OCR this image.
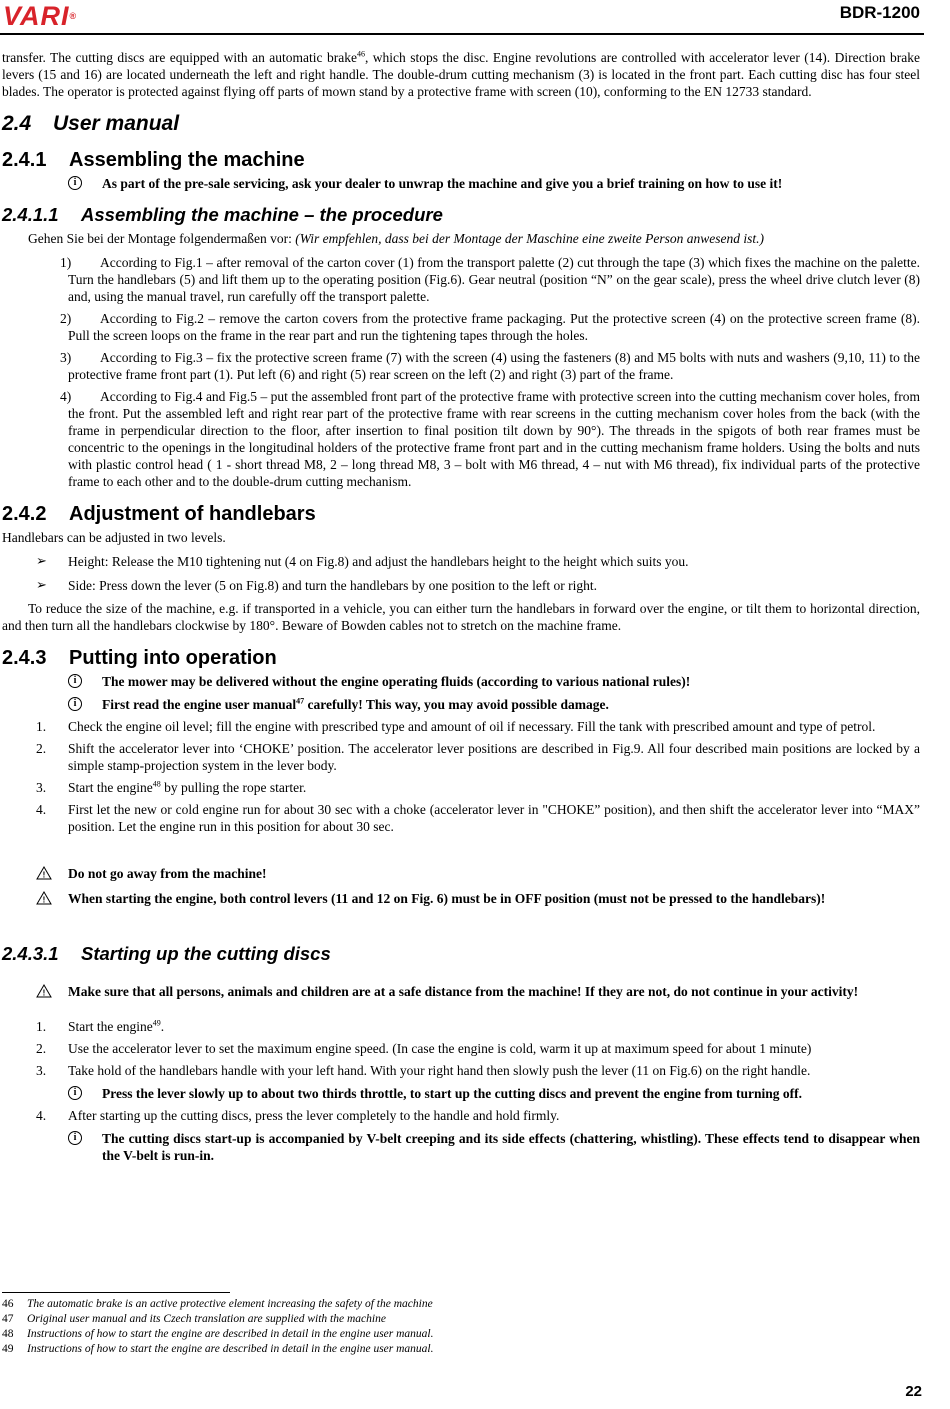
VARI®	BDR-1200

transfer. The cutting discs are equipped with an automatic brake$^{46}$, which stops the disc. Engine revolutions are controlled with accelerator lever (14). Direction brake levers (15 and 16) are located underneath the left and right handle. The double-drum cutting mechanism (3) is located in the front part. Each cutting disc has four steel blades. The operator is protected against flying off parts of mown stand by a protective frame with screen (10), conforming to the EN 12733 standard.

2.4 User manual
2.4.1 Assembling the machine
i	As part of the pre-sale servicing, ask your dealer to unwrap the machine and give you a brief training on how to use it!
2.4.1.1 Assembling the machine – the procedure

Gehen Sie bei der Montage folgendermaßen vor: (Wir empfehlen, dass bei der Montage der Maschine eine zweite Person anwesend ist.)

1) According to Fig.1 – after removal of the carton cover (1) from the transport palette (2) cut through the tape (3) which fixes the machine on the palette. Turn the handlebars (5) and lift them up to the operating position (Fig.6). Gear neutral (position “N” on the gear scale), press the wheel drive clutch lever (8) and, using the manual travel, run carefully off the transport palette.
2) According to Fig.2 – remove the carton covers from the protective frame packaging. Put the protective screen (4) on the protective screen frame (8). Pull the screen loops on the frame in the rear part and run the tightening tapes through the holes.
3) According to Fig.3 – fix the protective screen frame (7) with the screen (4) using the fasteners (8) and M5 bolts with nuts and washers (9,10, 11) to the protective frame front part (1). Put left (6) and right (5) rear screen on the left (2) and right (3) part of the frame.
4) According to Fig.4 and Fig.5 – put the assembled front part of the protective frame with protective screen into the cutting mechanism cover holes, from the front. Put the assembled left and right rear part of the protective frame with rear screens in the cutting mechanism cover holes from the back (with the frame in perpendicular direction to the floor, after insertion to final position tilt down by 90°). The threads in the spigots of both rear frames must be concentric to the openings in the longitudinal holders of the protective frame front part and in the cutting mechanism frame holders. Using the bolts and nuts with plastic control head ( 1 - short thread M8, 2 – long thread M8, 3 – bolt with M6 thread, 4 – nut with M6 thread), fix individual parts of the protective frame to each other and to the double-drum cutting mechanism.
2.4.2 Adjustment of handlebars

Handlebars can be adjusted in two levels.

➢ Height: Release the M10 tightening nut (4 on Fig.8) and adjust the handlebars height to the height which suits you.
➢ Side: Press down the lever (5 on Fig.8) and turn the handlebars by one position to the left or right.

To reduce the size of the machine, e.g. if transported in a vehicle, you can either turn the handlebars in forward over the engine, or tilt them to horizontal direction, and then turn all the handlebars clockwise by 180°. Beware of Bowden cables not to stretch on the machine frame.

2.4.3 Putting into operation
i	The mower may be delivered without the engine operating fluids (according to various national rules)!
i	First read the engine user manual$^{47}$ carefully! This way, you may avoid possible damage.
1. Check the engine oil level; fill the engine with prescribed type and amount of oil if necessary. Fill the tank with prescribed amount and type of petrol.
2. Shift the accelerator lever into ‘CHOKE’ position. The accelerator lever positions are described in Fig.9. All four described main positions are locked by a simple stamp-projection system in the lever body.
3. Start the engine$^{48}$ by pulling the rope starter.
4. First let the new or cold engine run for about 30 sec with a choke (accelerator lever in "CHOKE” position), and then shift the accelerator lever into “MAX” position. Let the engine run in this position for about 30 sec.
! Do not go away from the machine!
! When starting the engine, both control levers (11 and 12 on Fig. 6) must be in OFF position (must not be pressed to the handlebars)!
2.4.3.1 Starting up the cutting discs
! Make sure that all persons, animals and children are at a safe distance from the machine! If they are not, do not continue in your activity!
1. Start the engine$^{49}$.
2. Use the accelerator lever to set the maximum engine speed. (In case the engine is cold, warm it up at maximum speed for about 1 minute)
3. Take hold of the handlebars handle with your left hand. With your right hand then slowly push the lever (11 on Fig.6) on the right handle.
i	Press the lever slowly up to about two thirds throttle, to start up the cutting discs and prevent the engine from turning off.
4. After starting up the cutting discs, press the lever completely to the handle and hold firmly.
i	The cutting discs start-up is accompanied by V-belt creeping and its side effects (chattering, whistling). These effects tend to disappear when the V-belt is run-in.
46 The automatic brake is an active protective element increasing the safety of the machine
47 Original user manual and its Czech translation are supplied with the machine
48 Instructions of how to start the engine are described in detail in the engine user manual.
49 Instructions of how to start the engine are described in detail in the engine user manual.
22
